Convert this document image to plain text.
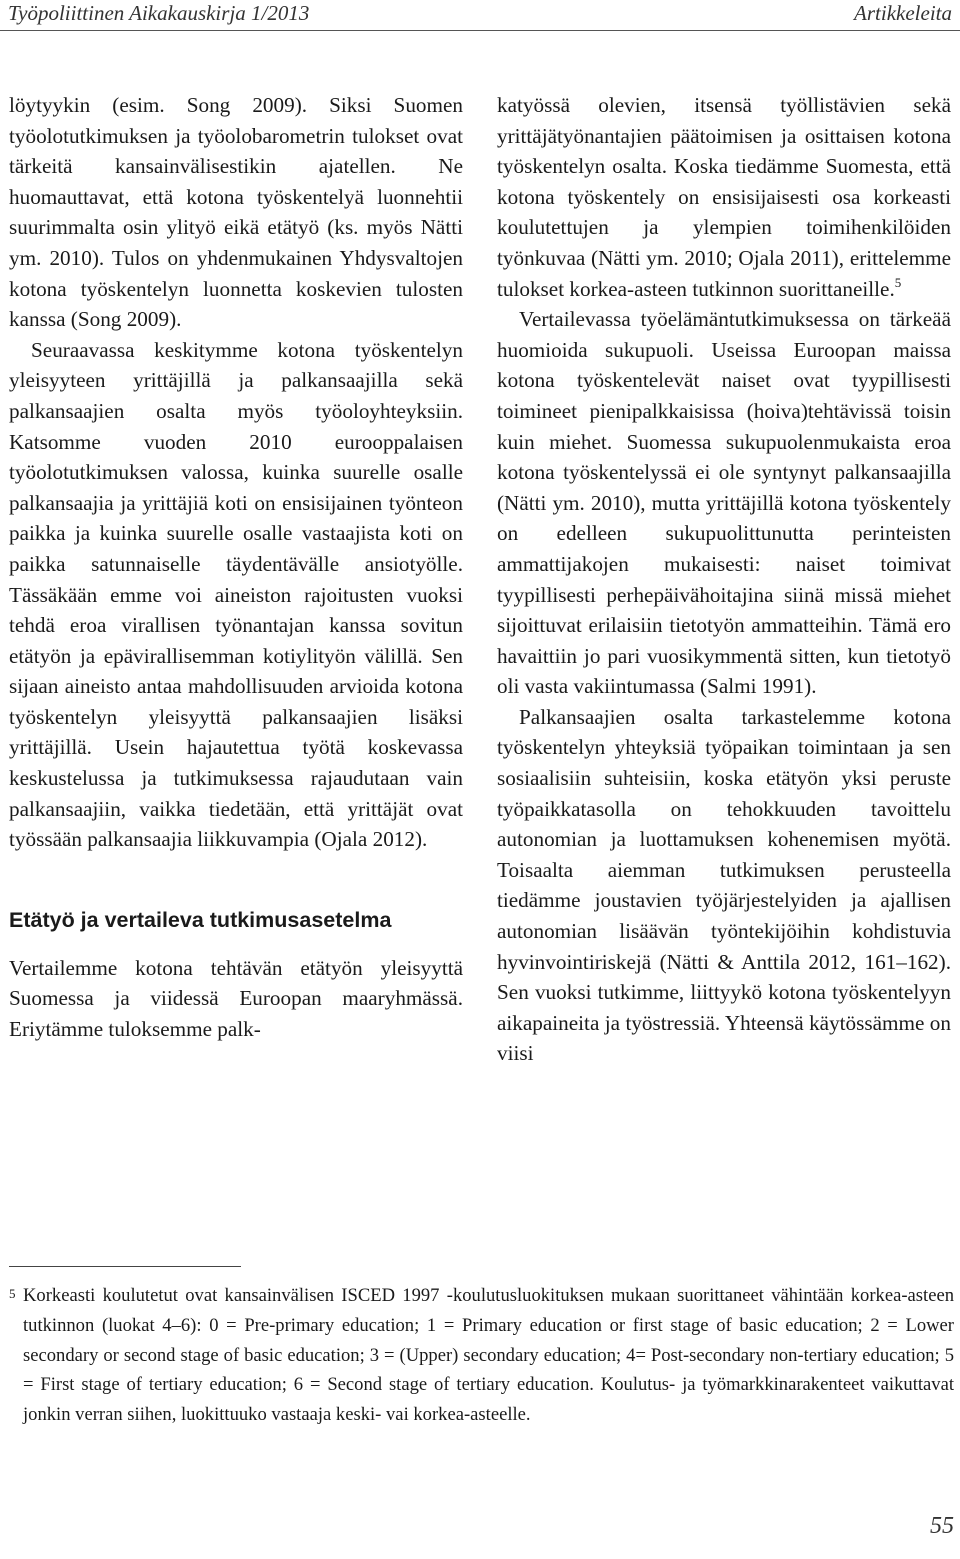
Työpoliittinen Aikakauskirja 1/2013	Artikkeleita

löytyykin (esim. Song 2009). Siksi Suomen työolotutkimuksen ja työolobarometrin tulokset ovat tärkeitä kansainvälisestikin ajatellen. Ne huomauttavat, että kotona työskentelyä luonnehtii suurimmalta osin ylityö eikä etätyö (ks. myös Nätti ym. 2010). Tulos on yhdenmukainen Yhdysvaltojen kotona työskentelyn luonnetta koskevien tulosten kanssa (Song 2009).

Seuraavassa keskitymme kotona työskentelyn yleisyyteen yrittäjillä ja palkansaajilla sekä palkansaajien osalta myös työoloyhteyksiin. Katsomme vuoden 2010 eurooppalaisen työolotutkimuksen valossa, kuinka suurelle osalle palkansaajia ja yrittäjiä koti on ensisijainen työnteon paikka ja kuinka suurelle osalle vastaajista koti on paikka satunnaiselle täydentävälle ansiotyölle. Tässäkään emme voi aineiston rajoitusten vuoksi tehdä eroa virallisen työnantajan kanssa sovitun etätyön ja epävirallisemman kotiylityön välillä. Sen sijaan aineisto antaa mahdollisuuden arvioida kotona työskentelyn yleisyyttä palkansaajien lisäksi yrittäjillä. Usein hajautettua työtä koskevassa keskustelussa ja tutkimuksessa rajaudutaan vain palkansaajiin, vaikka tiedetään, että yrittäjät ovat työssään palkansaajia liikkuvampia (Ojala 2012).

Etätyö ja vertaileva tutkimusasetelma

Vertailemme kotona tehtävän etätyön yleisyyttä Suomessa ja viidessä Euroopan maaryhmässä. Eriytämme tuloksemme palk-

katyössä olevien, itsensä työllistävien sekä yrittäjätyönantajien päätoimisen ja osittaisen kotona työskentelyn osalta. Koska tiedämme Suomesta, että kotona työskentely on ensisijaisesti osa korkeasti koulutettujen ja ylempien toimihenkilöiden työnkuvaa (Nätti ym. 2010; Ojala 2011), erittelemme tulokset korkea-asteen tutkinnon suorittaneille.$^5$

Vertailevassa työelämäntutkimuksessa on tärkeää huomioida sukupuoli. Useissa Euroopan maissa kotona työskentelevät naiset ovat tyypillisesti toimineet pienipalkkaisissa (hoiva)tehtävissä toisin kuin miehet. Suomessa sukupuolenmukaista eroa kotona työskentelyssä ei ole syntynyt palkansaajilla (Nätti ym. 2010), mutta yrittäjillä kotona työskentely on edelleen sukupuolittunutta perinteisten ammattijakojen mukaisesti: naiset toimivat tyypillisesti perhepäivähoitajina siinä missä miehet sijoittuvat erilaisiin tietotyön ammatteihin. Tämä ero havaittiin jo pari vuosikymmentä sitten, kun tietotyö oli vasta vakiintumassa (Salmi 1991).

Palkansaajien osalta tarkastelemme kotona työskentelyn yhteyksiä työpaikan toimintaan ja sen sosiaalisiin suhteisiin, koska etätyön yksi peruste työpaikkatasolla on tehokkuuden tavoittelu autonomian ja luottamuksen kohenemisen myötä. Toisaalta aiemman tutkimuksen perusteella tiedämme joustavien työjärjestelyiden ja ajallisen autonomian lisäävän työntekijöihin kohdistuvia hyvinvointiriskejä (Nätti & Anttila 2012, 161–162). Sen vuoksi tutkimme, liittyykö kotona työskentelyyn aikapaineita ja työstressiä. Yhteensä käytössämme on viisi

5 Korkeasti koulutetut ovat kansainvälisen ISCED 1997 -koulutusluokituksen mukaan suorittaneet vähintään korkea-asteen tutkinnon (luokat 4–6): 0 = Pre-primary education; 1 = Primary education or first stage of basic education; 2 = Lower secondary or second stage of basic education; 3 = (Upper) secondary education; 4= Post-secondary non-tertiary education; 5 = First stage of tertiary education; 6 = Second stage of tertiary education. Koulutus- ja työmarkkinarakenteet vaikuttavat jonkin verran siihen, luokittuuko vastaaja keski- vai korkea-asteelle.
55
